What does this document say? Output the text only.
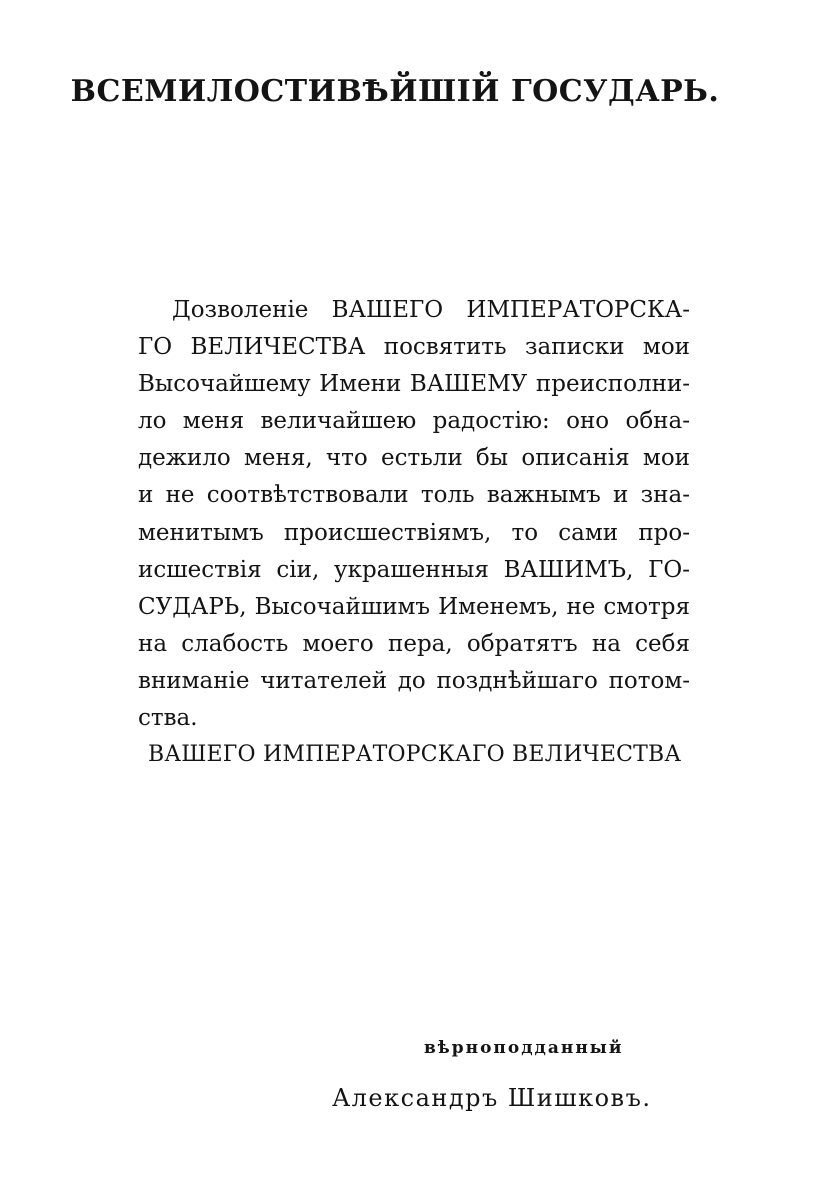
ВСЕМИЛОСТИВѢЙШІЙ ГОСУДАРЬ.
Дозволеніе ВАШЕГО ИМПЕРАТОРСКА-
ГО ВЕЛИЧЕСТВА посвятить записки мои
Высочайшему Имени ВАШЕМУ преисполни-
ло меня величайшею радостію: оно обна-
дежило меня, что естьли бы описанія мои
и не соотвѣтствовали толь важнымъ и зна-
менитымъ происшествіямъ, то сами про-
исшествія сіи, украшенныя ВАШИМЪ, ГО-
СУДАРЬ, Высочайшимъ Именемъ, не смотря
на слабость моего пера, обратятъ на себя
вниманіе читателей до позднѣйшаго потом-
ства.
ВАШЕГО ИМПЕРАТОРСКАГО ВЕЛИЧЕСТВА
вѣрноподданный
Александръ Шишковъ.
